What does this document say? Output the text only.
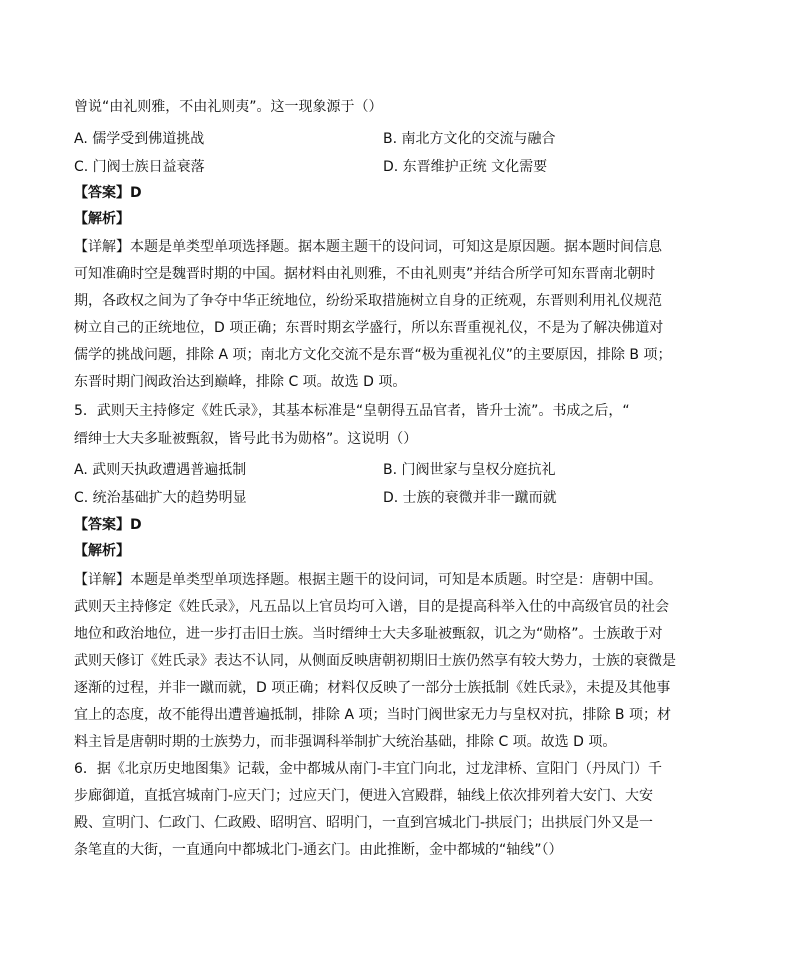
曾说“由礼则雅，不由礼则夷”。这一现象源于（）
A. 儒学受到佛道挑战	B. 南北方文化的交流与融合
C. 门阀士族日益衰落	D. 东晋维护正统 文化需要
【答案】D
【解析】
【详解】本题是单类型单项选择题。据本题主题干的设问词，可知这是原因题。据本题时间信息
可知准确时空是魏晋时期的中国。据材料由礼则雅，不由礼则夷”并结合所学可知东晋南北朝时
期，各政权之间为了争夺中华正统地位，纷纷采取措施树立自身的正统观，东晋则利用礼仪规范
树立自己的正统地位，D 项正确；东晋时期玄学盛行，所以东晋重视礼仪，不是为了解决佛道对
儒学的挑战问题，排除 A 项；南北方文化交流不是东晋“极为重视礼仪”的主要原因，排除 B 项；
东晋时期门阀政治达到巅峰，排除 C 项。故选 D 项。
5．武则天主持修定《姓氏录》，其基本标准是“皇朝得五品官者，皆升士流”。书成之后，“
缙绅士大夫多耻被甄叙，皆号此书为勋格”。这说明（）
A. 武则天执政遭遇普遍抵制	B. 门阀世家与皇权分庭抗礼
C. 统治基础扩大的趋势明显	D. 士族的衰微并非一蹴而就
【答案】D
【解析】
【详解】本题是单类型单项选择题。根据主题干的设问词，可知是本质题。时空是：唐朝中国。
武则天主持修定《姓氏录》，凡五品以上官员均可入谱，目的是提高科举入仕的中高级官员的社会
地位和政治地位，进一步打击旧士族。当时缙绅士大夫多耻被甄叙，讥之为“勋格”。士族敢于对
武则天修订《姓氏录》表达不认同，从侧面反映唐朝初期旧士族仍然享有较大势力，士族的衰微是
逐渐的过程，并非一蹴而就，D 项正确；材料仅反映了一部分士族抵制《姓氏录》，未提及其他事
宜上的态度，故不能得出遭普遍抵制，排除 A 项；当时门阀世家无力与皇权对抗，排除 B 项；材
料主旨是唐朝时期的士族势力，而非强调科举制扩大统治基础，排除 C 项。故选 D 项。
6．据《北京历史地图集》记载，金中都城从南门-丰宜门向北，过龙津桥、宣阳门（丹凤门）千
步廊御道，直抵宫城南门-应天门；过应天门，便进入宫殿群，轴线上依次排列着大安门、大安
殿、宣明门、仁政门、仁政殿、昭明宫、昭明门，一直到宫城北门-拱辰门；出拱辰门外又是一
条笔直的大街，一直通向中都城北门-通玄门。由此推断，金中都城的“轴线”（）
